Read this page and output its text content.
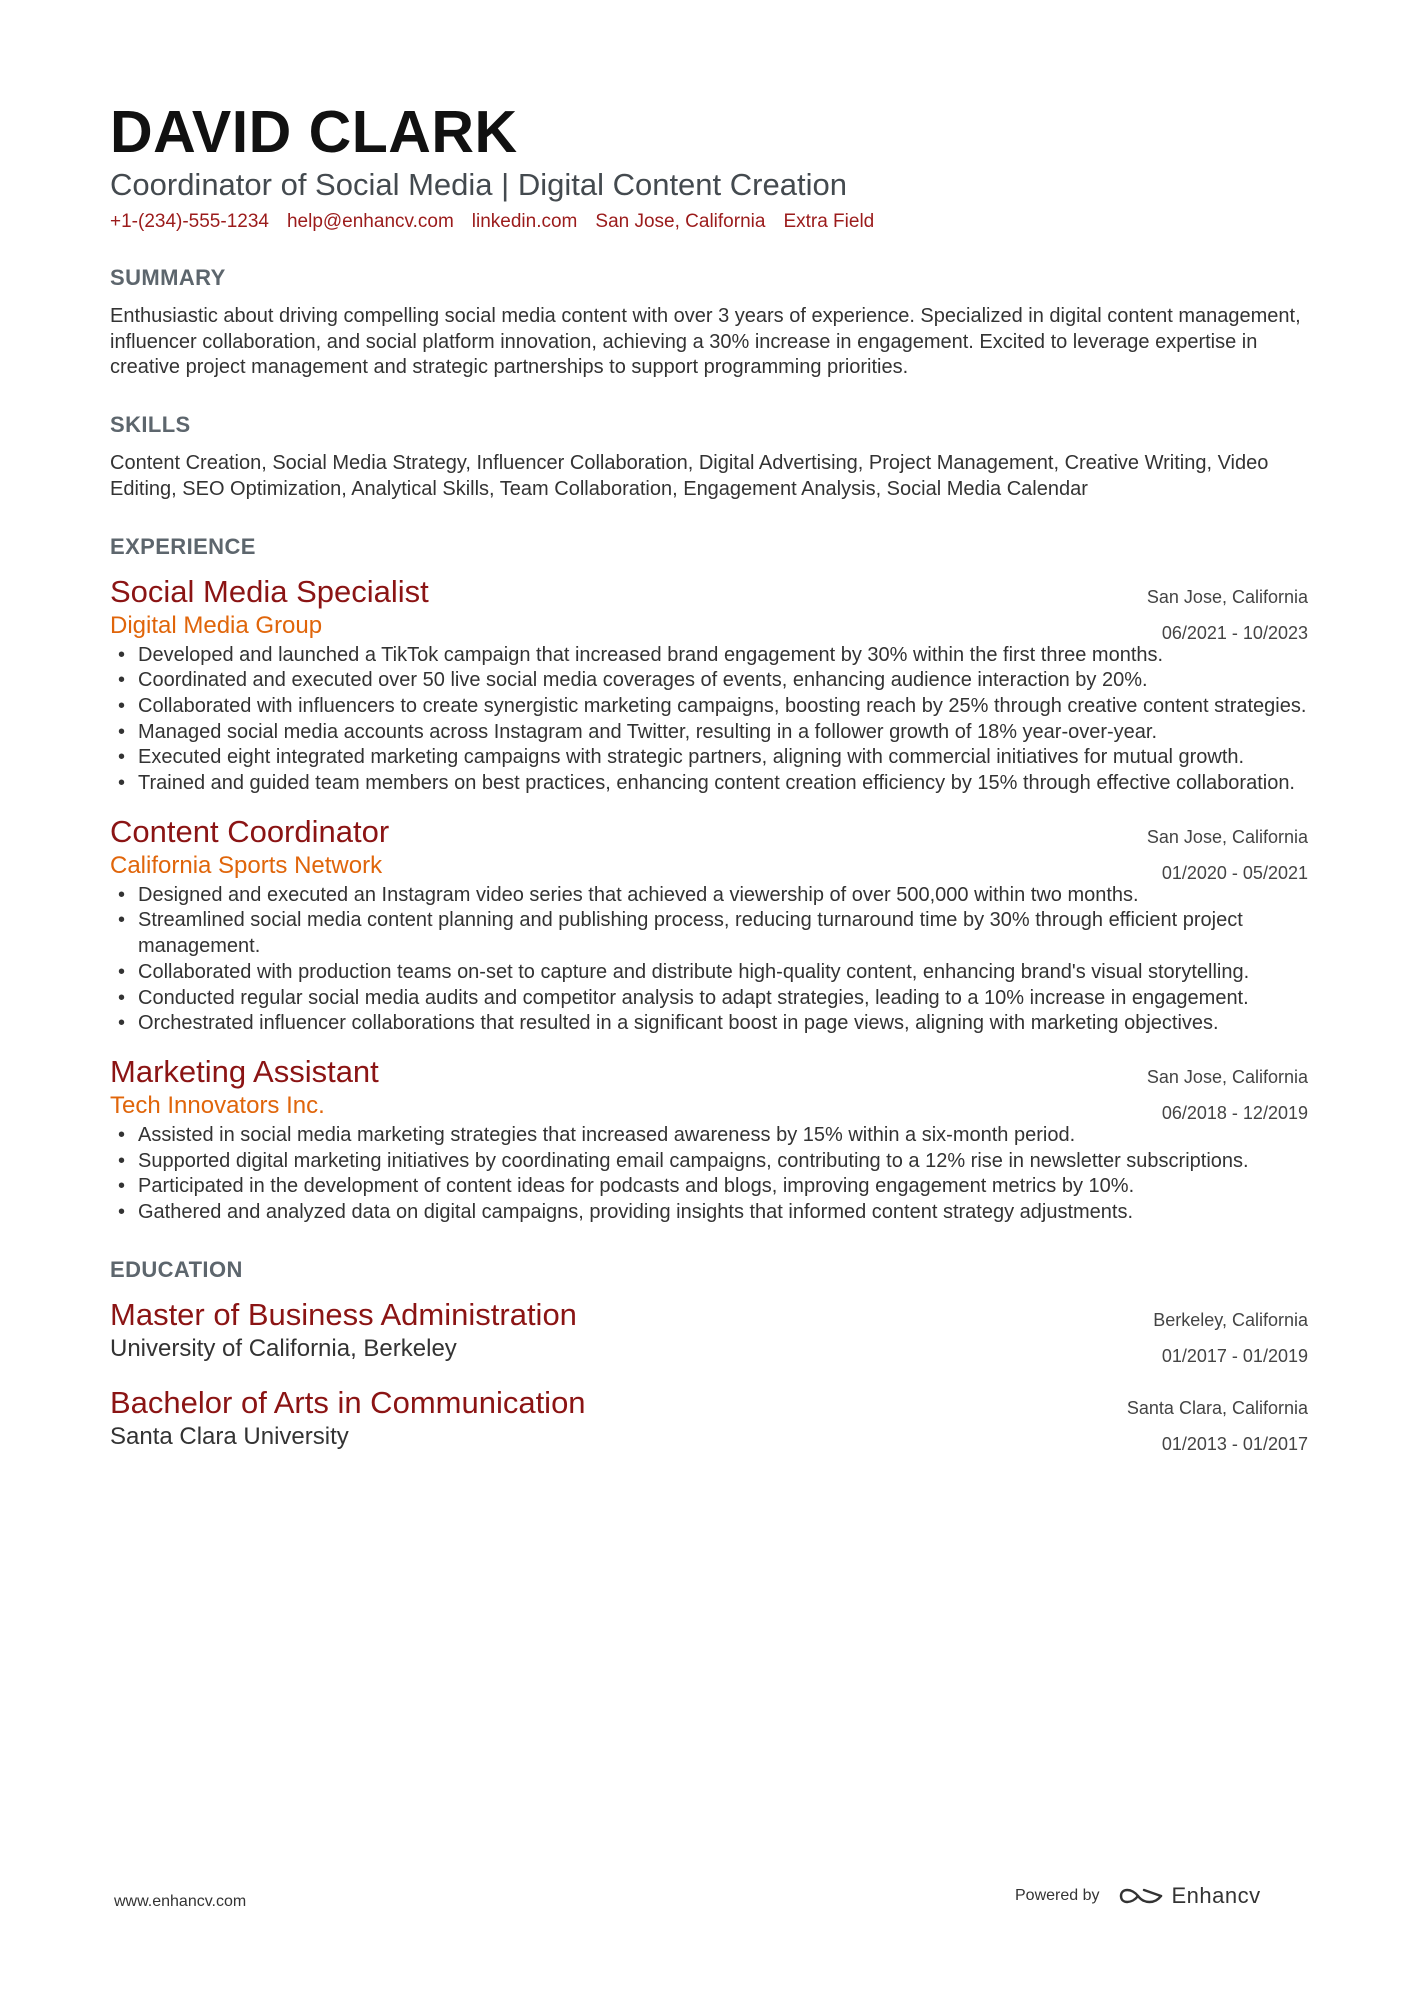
DAVID CLARK
Coordinator of Social Media | Digital Content Creation
+1-(234)-555-1234 help@enhancv.com linkedin.com San Jose, California Extra Field
SUMMARY
Enthusiastic about driving compelling social media content with over 3 years of experience. Specialized in digital content management, influencer collaboration, and social platform innovation, achieving a 30% increase in engagement. Excited to leverage expertise in creative project management and strategic partnerships to support programming priorities.
SKILLS
Content Creation, Social Media Strategy, Influencer Collaboration, Digital Advertising, Project Management, Creative Writing, Video Editing, SEO Optimization, Analytical Skills, Team Collaboration, Engagement Analysis, Social Media Calendar
EXPERIENCE
Social Media Specialist
Digital Media Group
San Jose, California
06/2021 - 10/2023
• Developed and launched a TikTok campaign that increased brand engagement by 30% within the first three months.
• Coordinated and executed over 50 live social media coverages of events, enhancing audience interaction by 20%.
• Collaborated with influencers to create synergistic marketing campaigns, boosting reach by 25% through creative content strategies.
• Managed social media accounts across Instagram and Twitter, resulting in a follower growth of 18% year-over-year.
• Executed eight integrated marketing campaigns with strategic partners, aligning with commercial initiatives for mutual growth.
• Trained and guided team members on best practices, enhancing content creation efficiency by 15% through effective collaboration.
Content Coordinator
California Sports Network
San Jose, California
01/2020 - 05/2021
• Designed and executed an Instagram video series that achieved a viewership of over 500,000 within two months.
• Streamlined social media content planning and publishing process, reducing turnaround time by 30% through efficient project management.
• Collaborated with production teams on-set to capture and distribute high-quality content, enhancing brand's visual storytelling.
• Conducted regular social media audits and competitor analysis to adapt strategies, leading to a 10% increase in engagement.
• Orchestrated influencer collaborations that resulted in a significant boost in page views, aligning with marketing objectives.
Marketing Assistant
Tech Innovators Inc.
San Jose, California
06/2018 - 12/2019
• Assisted in social media marketing strategies that increased awareness by 15% within a six-month period.
• Supported digital marketing initiatives by coordinating email campaigns, contributing to a 12% rise in newsletter subscriptions.
• Participated in the development of content ideas for podcasts and blogs, improving engagement metrics by 10%.
• Gathered and analyzed data on digital campaigns, providing insights that informed content strategy adjustments.
EDUCATION
Master of Business Administration
University of California, Berkeley
Berkeley, California
01/2017 - 01/2019
Bachelor of Arts in Communication
Santa Clara University
Santa Clara, California
01/2013 - 01/2017
www.enhancv.com	Powered by	Enhancv
